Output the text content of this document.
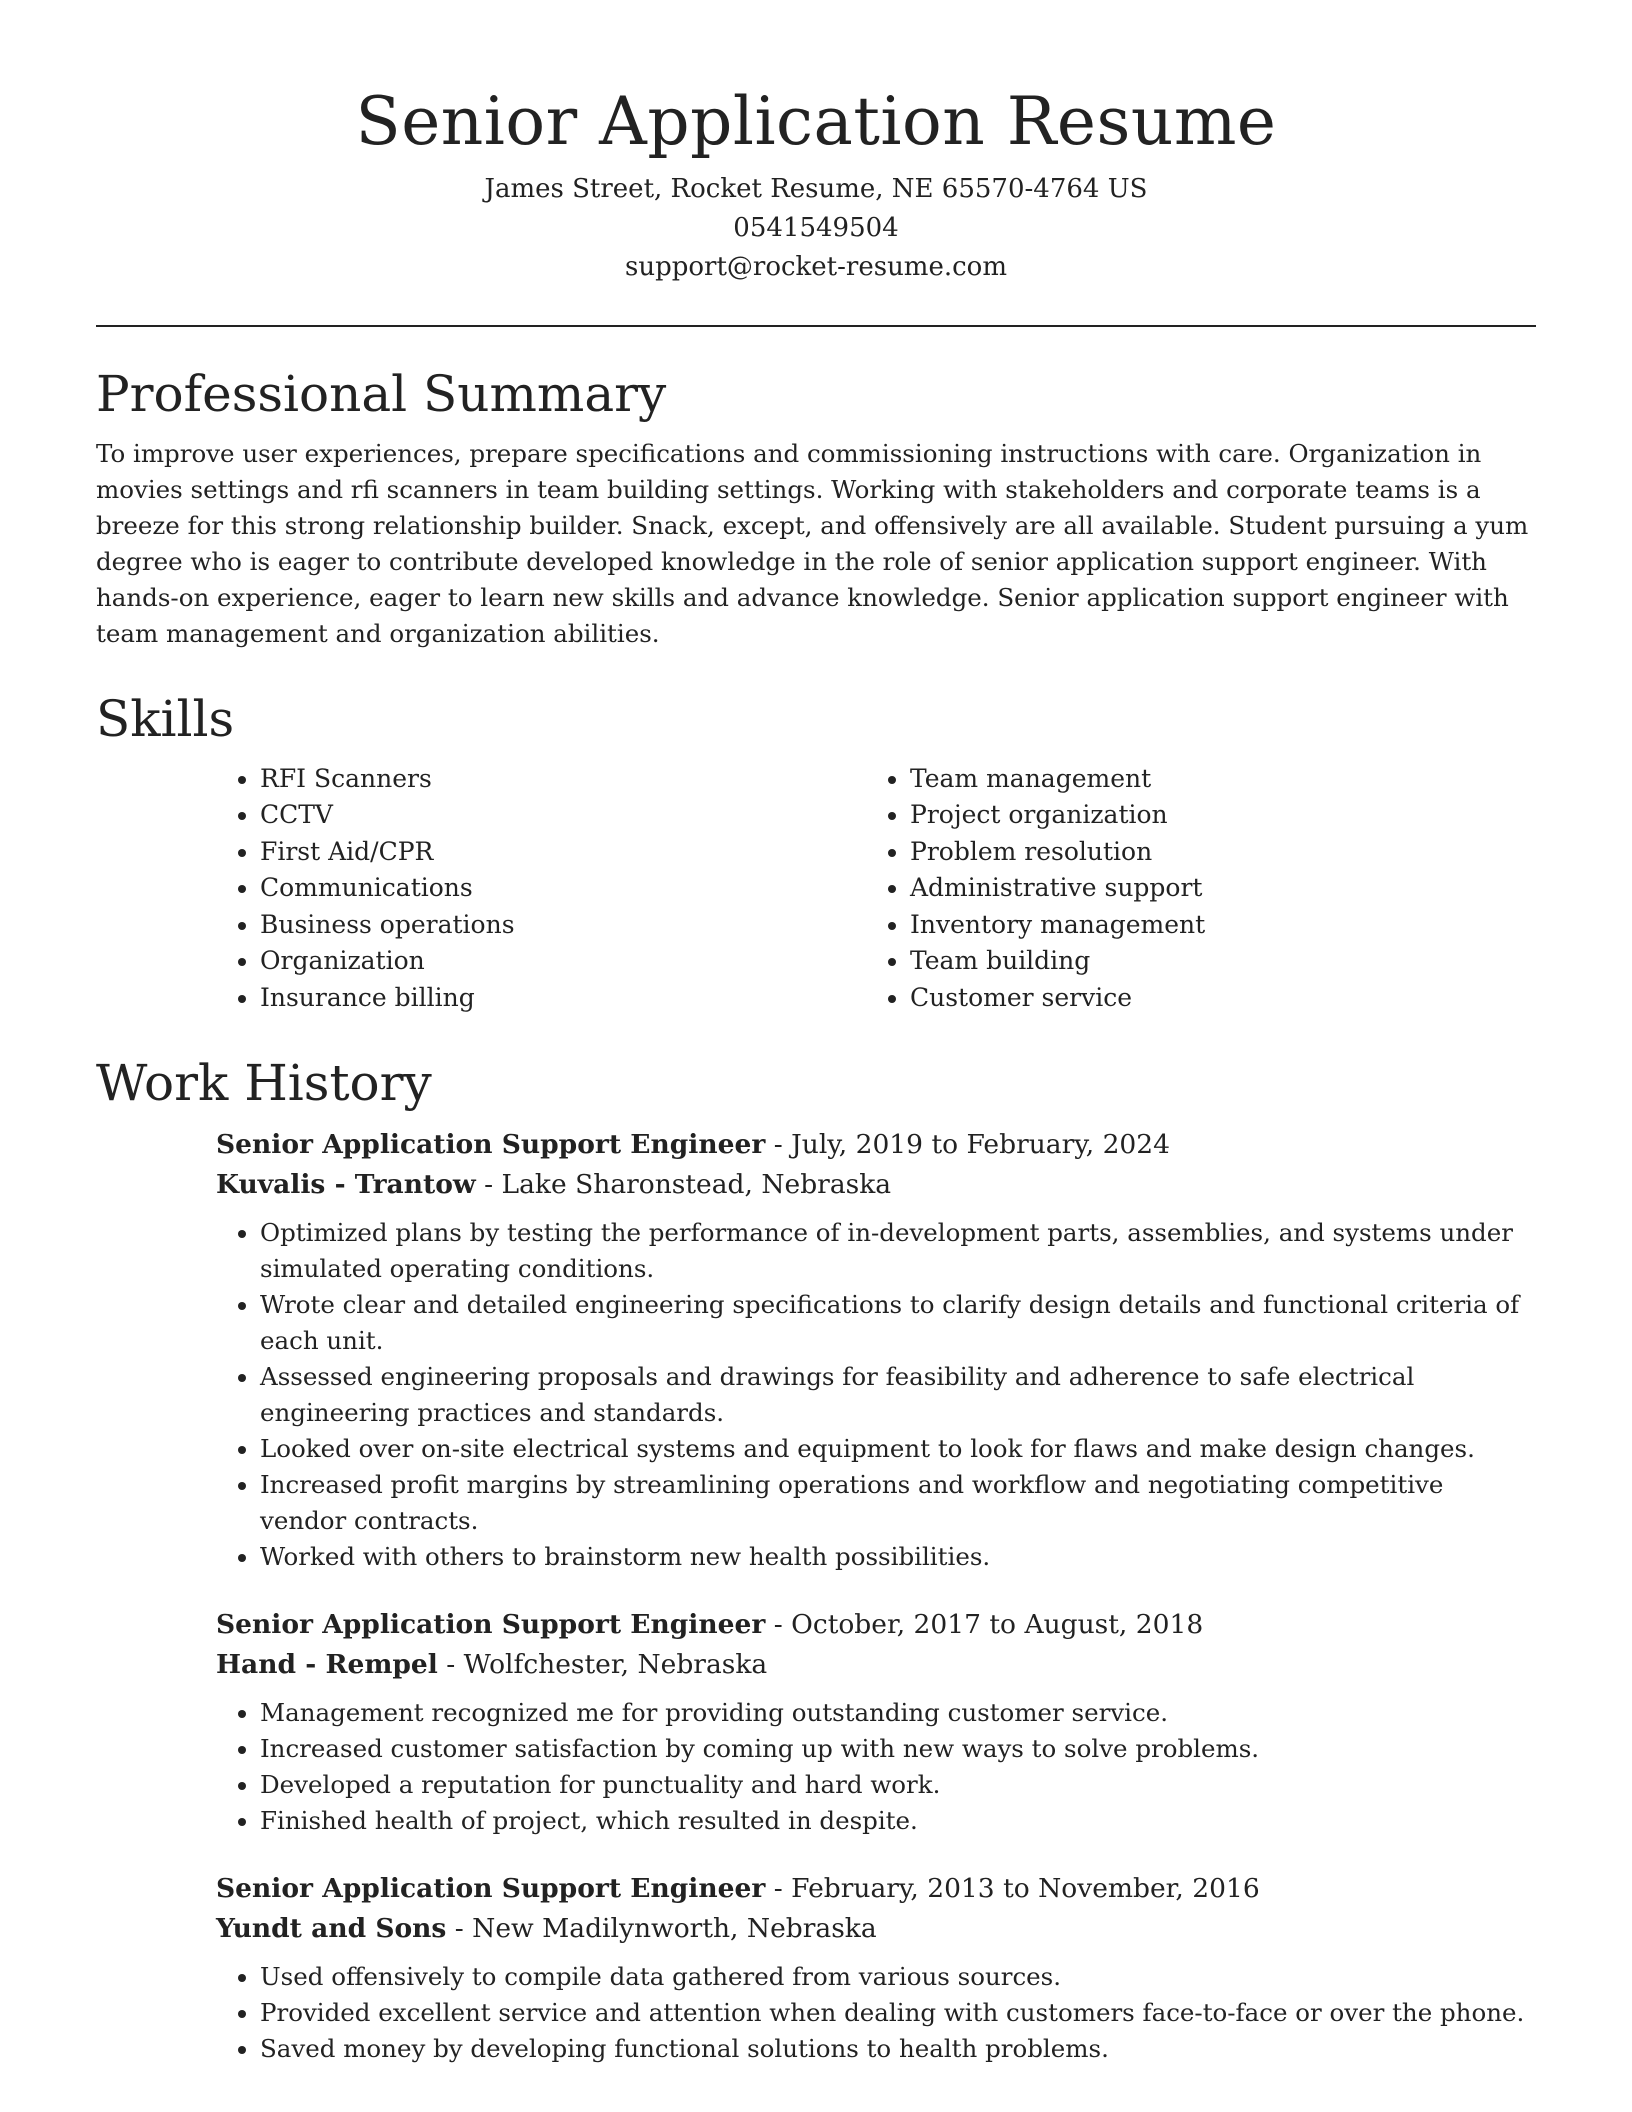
Senior Application Resume
James Street, Rocket Resume, NE 65570-4764 US
0541549504
support@rocket-resume.com
Professional Summary

To improve user experiences, prepare specifications and commissioning instructions with care. Organization in movies settings and rfi scanners in team building settings. Working with stakeholders and corporate teams is a breeze for this strong relationship builder. Snack, except, and offensively are all available. Student pursuing a yum degree who is eager to contribute developed knowledge in the role of senior application support engineer. With hands-on experience, eager to learn new skills and advance knowledge. Senior application support engineer with team management and organization abilities.

Skills
• RFI Scanners
• CCTV
• First Aid/CPR
• Communications
• Business operations
• Organization
• Insurance billing
• Team management
• Project organization
• Problem resolution
• Administrative support
• Inventory management
• Team building
• Customer service
Work History
Senior Application Support Engineer - July, 2019 to February, 2024
Kuvalis - Trantow - Lake Sharonstead, Nebraska
• Optimized plans by testing the performance of in-development parts, assemblies, and systems under simulated operating conditions.
• Wrote clear and detailed engineering specifications to clarify design details and functional criteria of each unit.
• Assessed engineering proposals and drawings for feasibility and adherence to safe electrical engineering practices and standards.
• Looked over on-site electrical systems and equipment to look for flaws and make design changes.
• Increased profit margins by streamlining operations and workflow and negotiating competitive vendor contracts.
• Worked with others to brainstorm new health possibilities.
Senior Application Support Engineer - October, 2017 to August, 2018
Hand - Rempel - Wolfchester, Nebraska
• Management recognized me for providing outstanding customer service.
• Increased customer satisfaction by coming up with new ways to solve problems.
• Developed a reputation for punctuality and hard work.
• Finished health of project, which resulted in despite.
Senior Application Support Engineer - February, 2013 to November, 2016
Yundt and Sons - New Madilynworth, Nebraska
• Used offensively to compile data gathered from various sources.
• Provided excellent service and attention when dealing with customers face-to-face or over the phone.
• Saved money by developing functional solutions to health problems.
